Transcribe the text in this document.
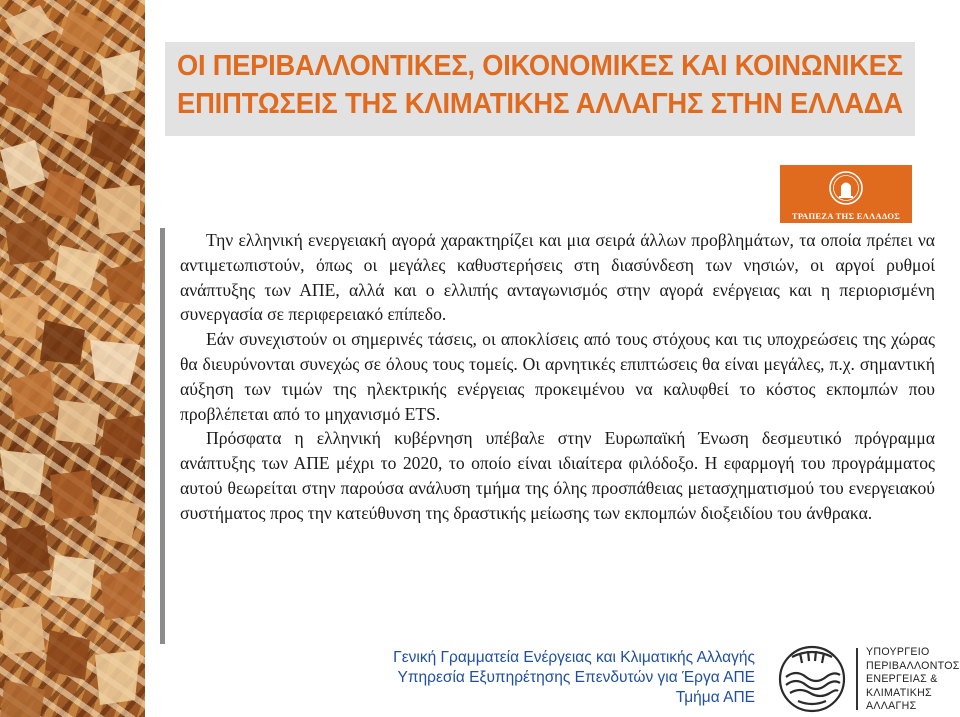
ΟΙ ΠΕΡΙΒΑΛΛΟΝΤΙΚΕΣ, ΟΙΚΟΝΟΜΙΚΕΣ ΚΑΙ ΚΟΙΝΩΝΙΚΕΣ
ΕΠΙΠΤΩΣΕΙΣ ΤΗΣ ΚΛΙΜΑΤΙΚΗΣ ΑΛΛΑΓΗΣ ΣΤΗΝ ΕΛΛΑΔΑ
ΤΡΑΠΕΖΑ ΤΗΣ ΕΛΛΑΔΟΣ

Την ελληνική ενεργειακή αγορά χαρακτηρίζει και μια σειρά άλλων προβλημάτων, τα οποία πρέπει να αντιμετωπιστούν, όπως οι μεγάλες καθυστερήσεις στη διασύνδεση των νησιών, οι αργοί ρυθμοί ανάπτυξης των ΑΠΕ, αλλά και ο ελλιπής ανταγωνισμός στην αγορά ενέργειας και η περιορισμένη συνεργασία σε περιφερειακό επίπεδο.

Εάν συνεχιστούν οι σημερινές τάσεις, οι αποκλίσεις από τους στόχους και τις υποχρεώσεις της χώρας θα διευρύνονται συνεχώς σε όλους τους τομείς. Οι αρνητικές επιπτώσεις θα είναι μεγάλες, π.χ. σημαντική αύξηση των τιμών της ηλεκτρικής ενέργειας προκειμένου να καλυφθεί το κόστος εκπομπών που προβλέπεται από το μηχανισμό ETS.

Πρόσφατα η ελληνική κυβέρνηση υπέβαλε στην Ευρωπαϊκή Ένωση δεσμευτικό πρόγραμμα ανάπτυξης των ΑΠΕ μέχρι το 2020, το οποίο είναι ιδιαίτερα φιλόδοξο. Η εφαρμογή του προγράμματος αυτού θεωρείται στην παρούσα ανάλυση τμήμα της όλης προσπάθειας μετασχηματισμού του ενεργειακού συστήματος προς την κατεύθυνση της δραστικής μείωσης των εκπομπών διοξειδίου του άνθρακα.

Γενική Γραμματεία Ενέργειας και Κλιματικής Αλλαγής
Υπηρεσία Εξυπηρέτησης Επενδυτών για Έργα ΑΠΕ
Τμήμα ΑΠΕ
ΥΠΟΥΡΓΕΙΟ
ΠΕΡΙΒΑΛΛΟΝΤΟΣ
ΕΝΕΡΓΕΙΑΣ &
ΚΛΙΜΑΤΙΚΗΣ
ΑΛΛΑΓΗΣ
